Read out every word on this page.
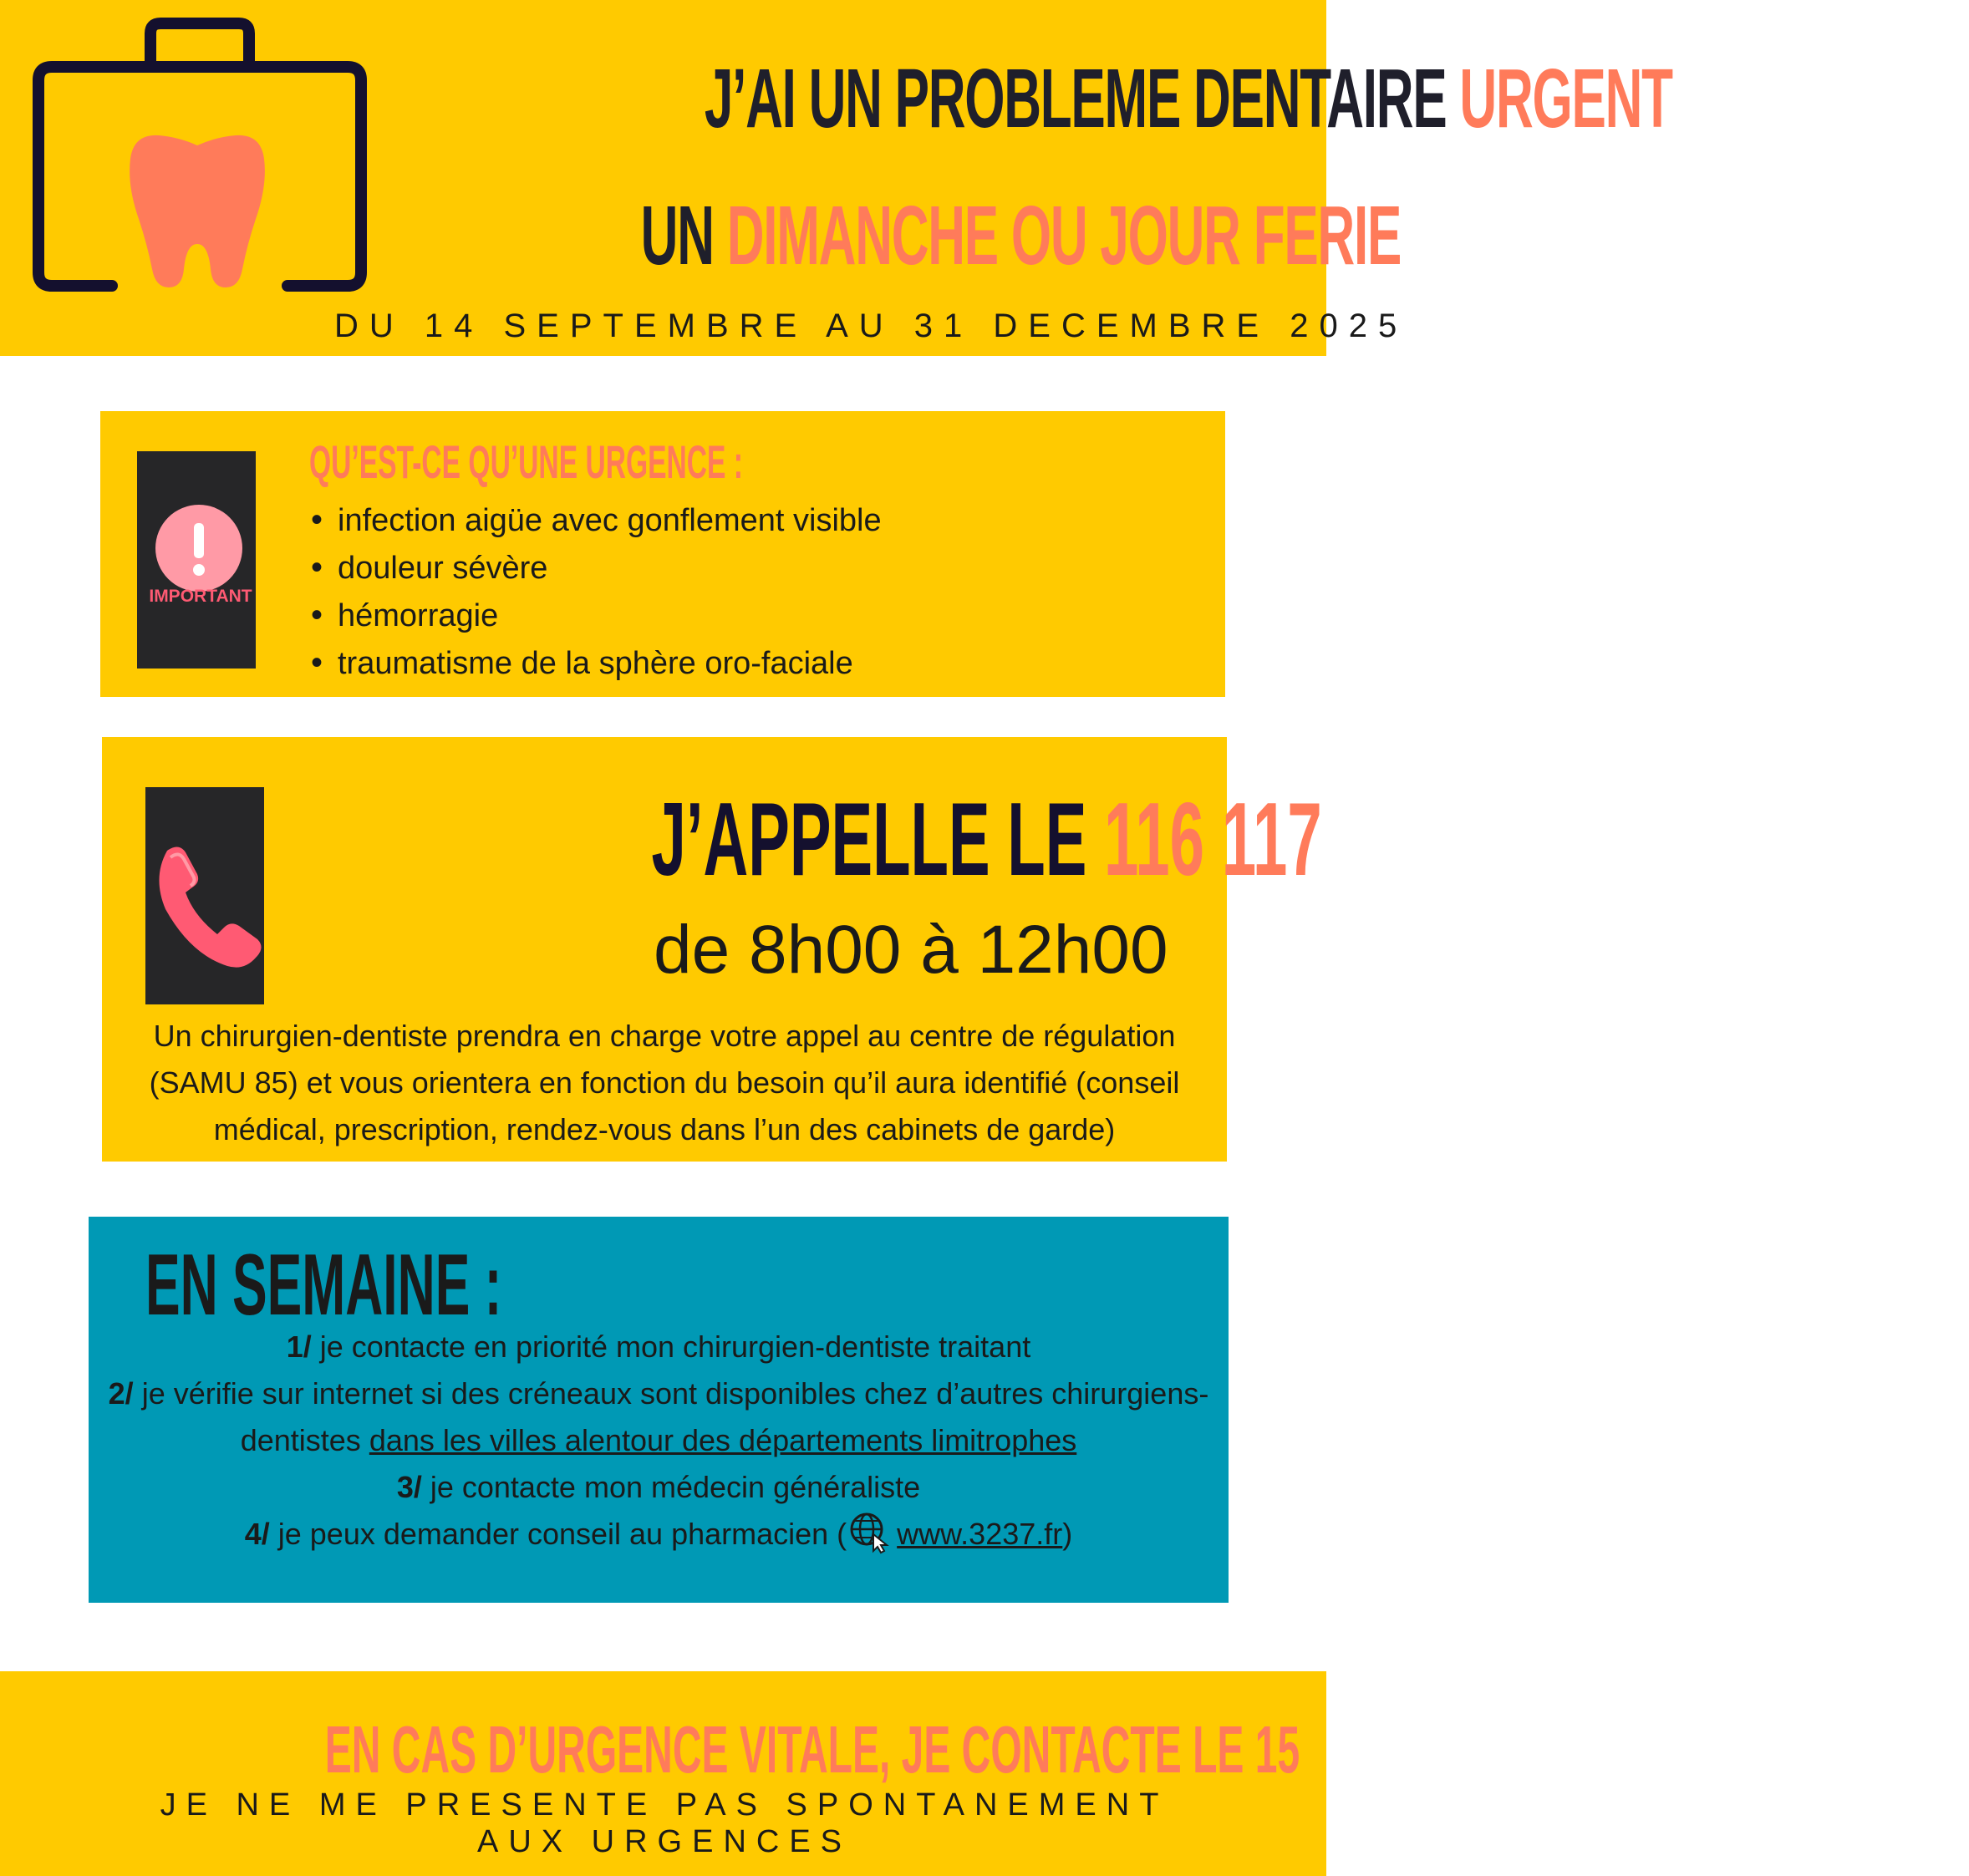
J’AI UN PROBLEME DENTAIRE URGENT
UN DIMANCHE OU JOUR FERIE
DU 14 SEPTEMBRE AU 31 DECEMBRE 2025
IMPORTANT
QU’EST-CE QU’UNE URGENCE :
• infection aigüe avec gonflement visible
• douleur sévère
• hémorragie
• traumatisme de la sphère oro-faciale
J’APPELLE LE 116 117
de 8h00 à 12h00
Un chirurgien-dentiste prendra en charge votre appel au centre de régulation (SAMU 85) et vous orientera en fonction du besoin qu’il aura identifié (conseil médical, prescription, rendez-vous dans l’un des cabinets de garde)
EN SEMAINE :
1/ je contacte en priorité mon chirurgien-dentiste traitant
2/ je vérifie sur internet si des créneaux sont disponibles chez d’autres chirurgiens-dentistes dans les villes alentour des départements limitrophes
3/ je contacte mon médecin généraliste
4/ je peux demander conseil au pharmacien ( www.3237.fr)
EN CAS D’URGENCE VITALE, JE CONTACTE LE 15
JE NE ME PRESENTE PAS SPONTANEMENT AUX URGENCES
